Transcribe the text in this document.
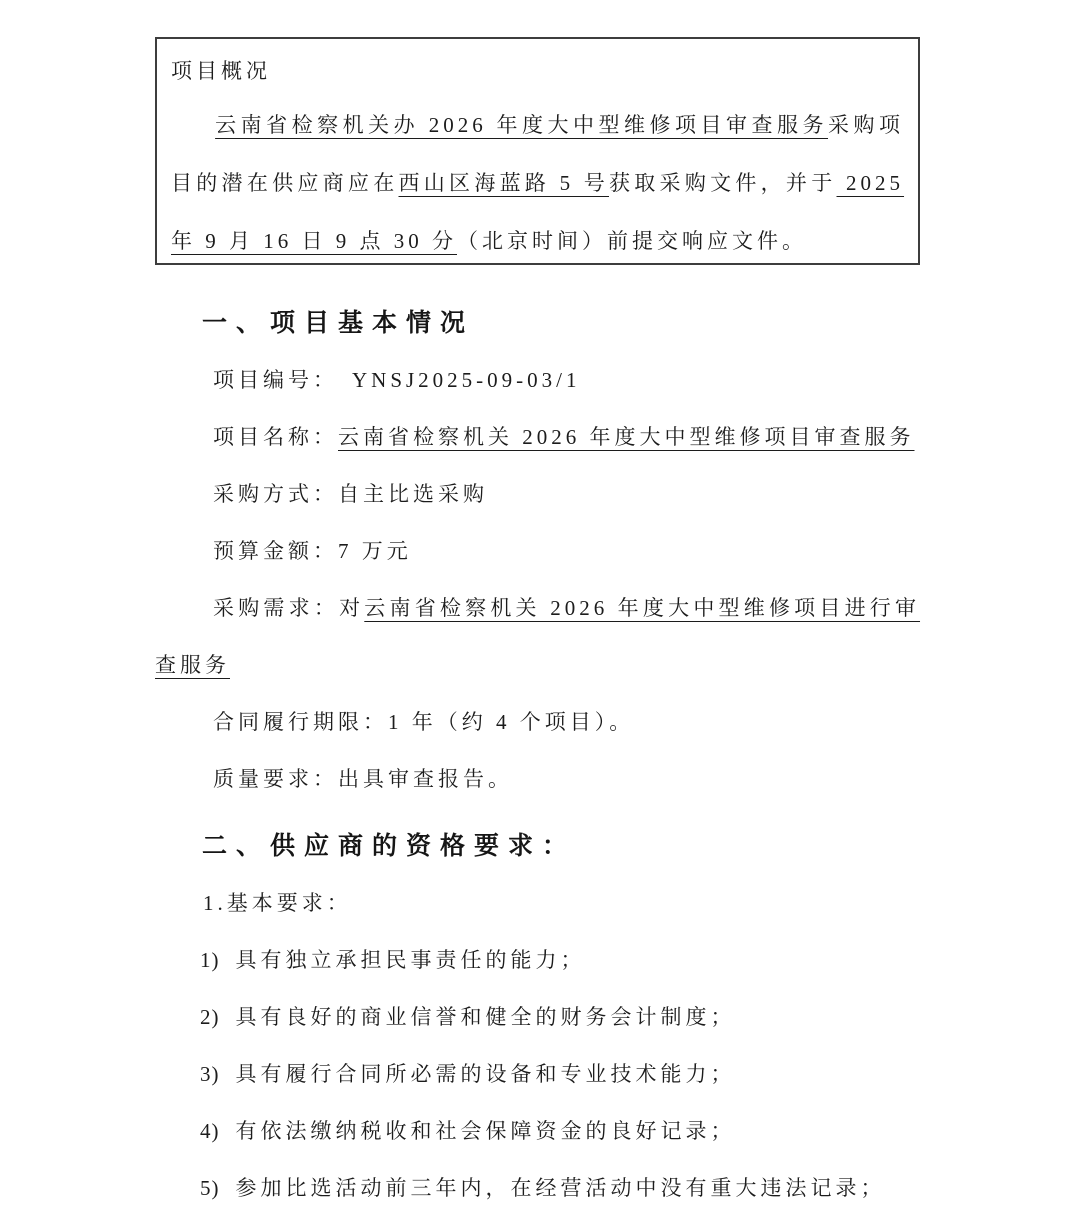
项目概况

云南省检察机关办 2026 年度大中型维修项目审查服务采购项目的潜在供应商应在西山区海蓝路 5 号获取采购文件，并于 2025 年 9 月 16 日 9 点 30 分（北京时间）前提交响应文件。

一、项目基本情况

项目编号： YNSJ2025-09-03/1

项目名称：云南省检察机关 2026 年度大中型维修项目审查服务

采购方式：自主比选采购

预算金额：7 万元

采购需求：对云南省检察机关 2026 年度大中型维修项目进行审查服务

合同履行期限：1 年（约 4 个项目）。

质量要求：出具审查报告。

二、供应商的资格要求：

1.基本要求：

1) 具有独立承担民事责任的能力；

2) 具有良好的商业信誉和健全的财务会计制度；

3) 具有履行合同所必需的设备和专业技术能力；

4) 有依法缴纳税收和社会保障资金的良好记录；

5) 参加比选活动前三年内，在经营活动中没有重大违法记录；
